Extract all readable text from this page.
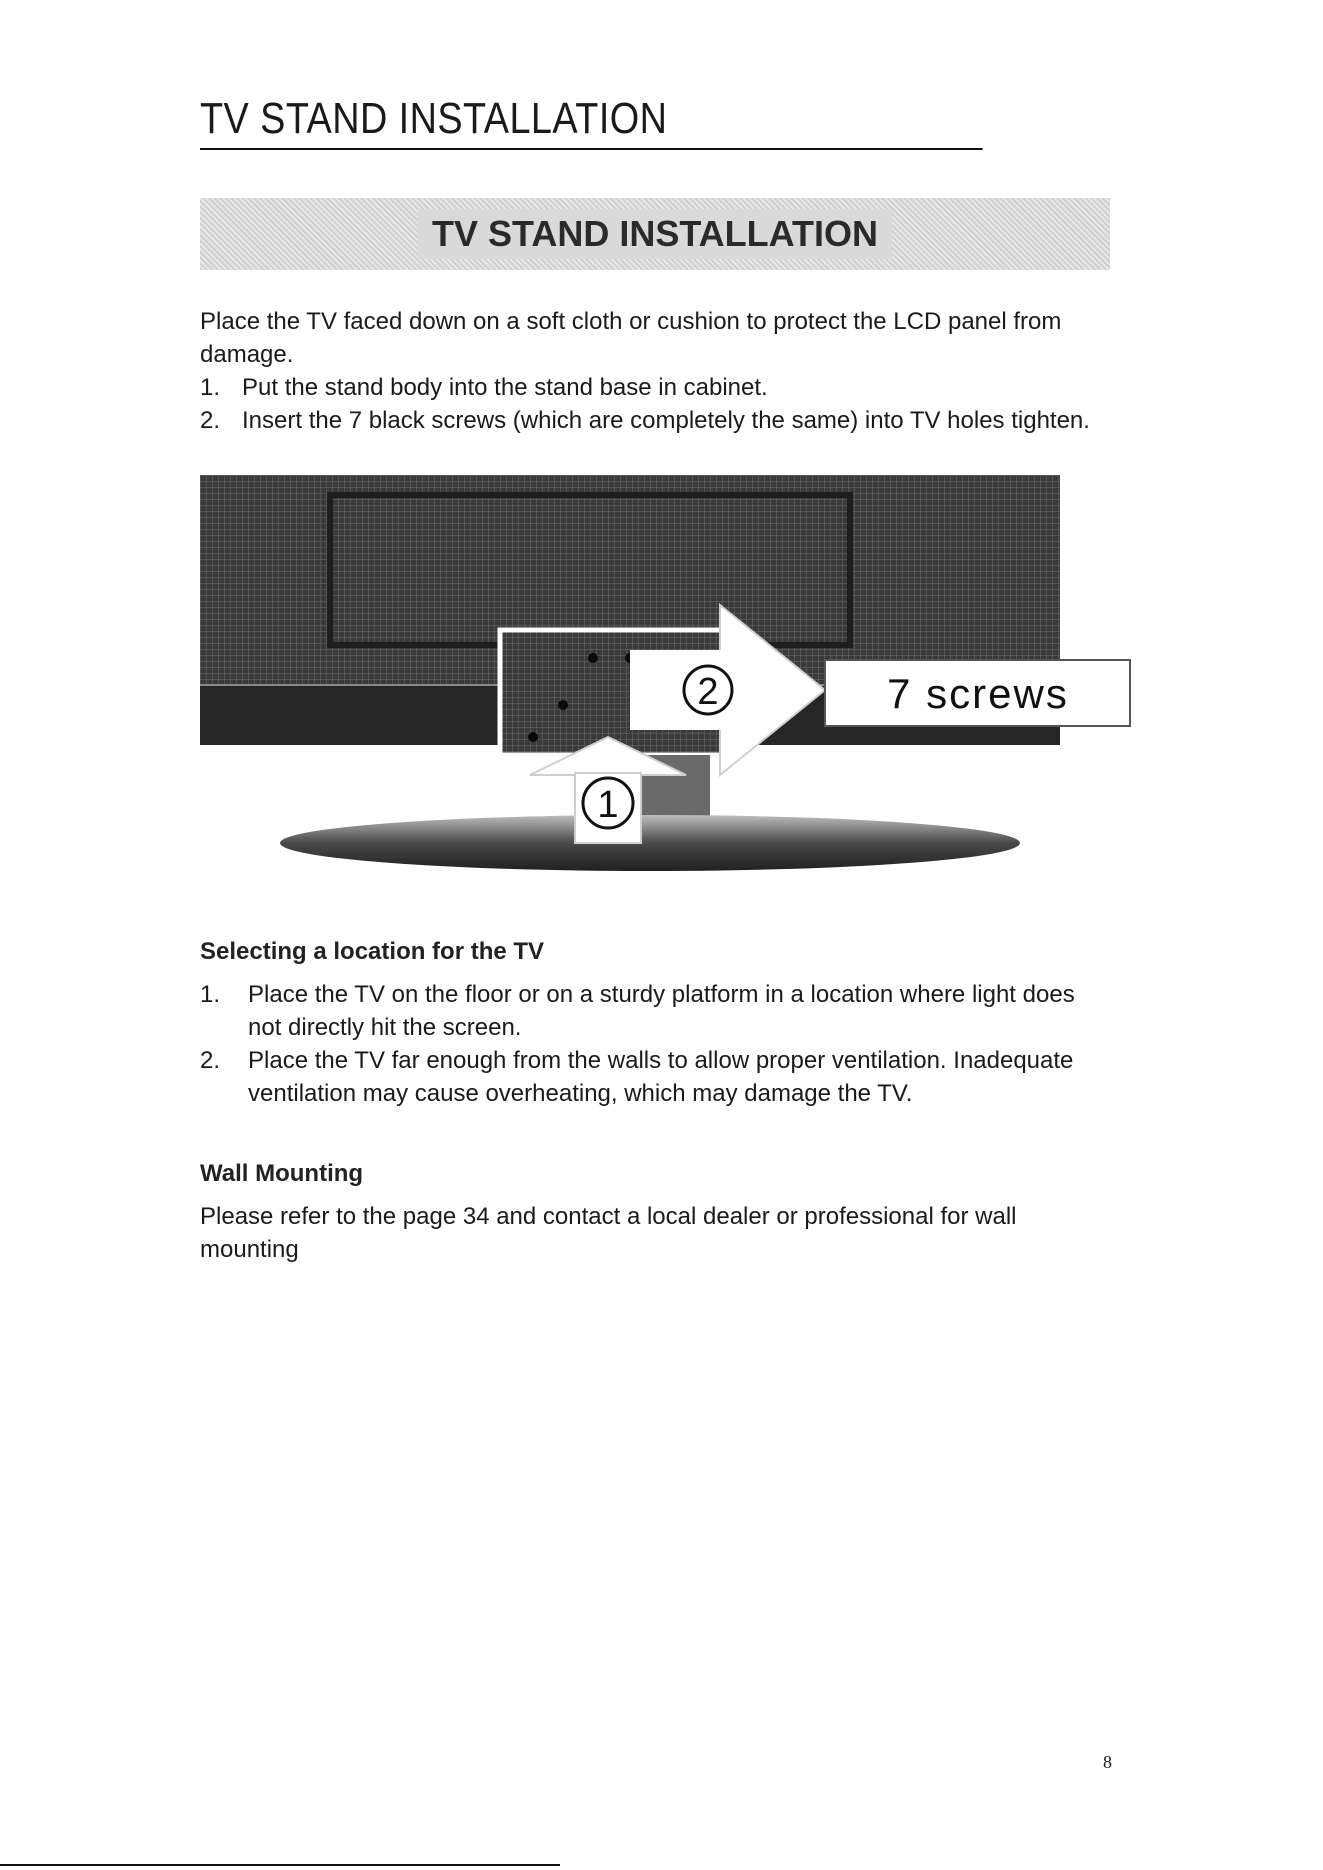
TV STAND INSTALLATION
TV STAND INSTALLATION
Place the TV faced down on a soft cloth or cushion to protect the LCD panel from damage.
1. Put the stand body into the stand base in cabinet.
2. Insert the 7 black screws (which are completely the same) into TV holes tighten.
1
2	7 screws
Selecting a location for the TV
1.	Place the TV on the floor or on a sturdy platform in a location where light does not directly hit the screen.
2.	Place the TV far enough from the walls to allow proper ventilation. Inadequate ventilation may cause overheating, which may damage the TV.
Wall Mounting
Please refer to the page 34 and contact a local dealer or professional for wall mounting
8
